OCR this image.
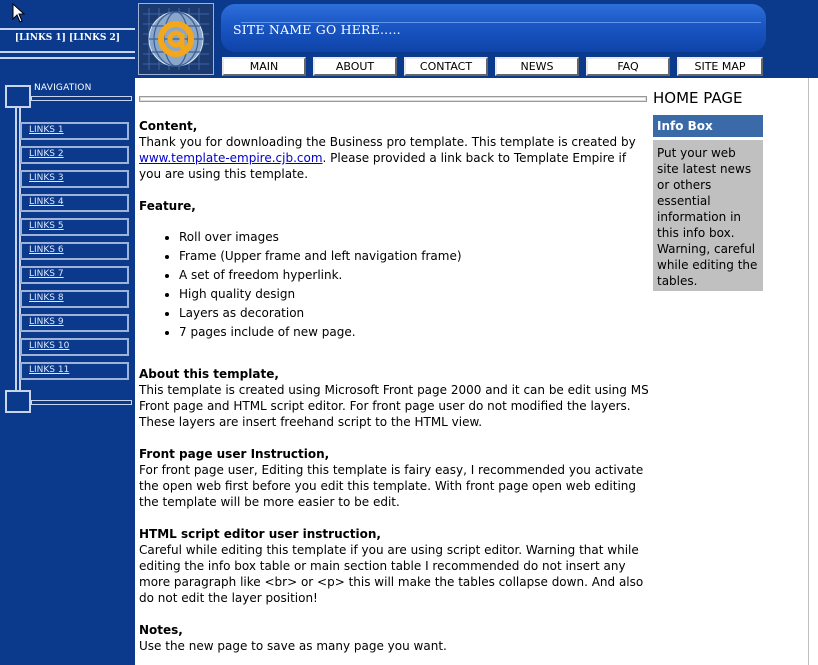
[LINKS 1] [LINKS 2]
SITE NAME GO HERE.....
MAIN	ABOUT	CONTACT	NEWS	FAQ	SITE MAP
NAVIGATION
LINKS 1
LINKS 2
LINKS 3
LINKS 4
LINKS 5
LINKS 6
LINKS 7
LINKS 8
LINKS 9
LINKS 10
LINKS 11
Content,

Thank you for downloading the Business pro template. This template is created by www.template-empire.cjb.com. Please provided a link back to Template Empire if you are using this template.

Feature,
• Roll over images
• Frame (Upper frame and left navigation frame)
• A set of freedom hyperlink.
• High quality design
• Layers as decoration
• 7 pages include of new page.
About this template,

This template is created using Microsoft Front page 2000 and it can be edit using MS Front page and HTML script editor. For front page user do not modified the layers. These layers are insert freehand script to the HTML view.

Front page user Instruction,

For front page user, Editing this template is fairy easy, I recommended you activate the open web first before you edit this template. With front page open web editing the template will be more easier to be edit.

HTML script editor user instruction,

Careful while editing this template if you are using script editor. Warning that while editing the info box table or main section table I recommended do not insert any more paragraph like <br> or <p> this will make the tables collapse down. And also do not edit the layer position!

Notes,

Use the new page to save as many page you want.

HOME PAGE
Info Box
Put your web site latest news or others essential information in this info box. Warning, careful while editing the tables.
